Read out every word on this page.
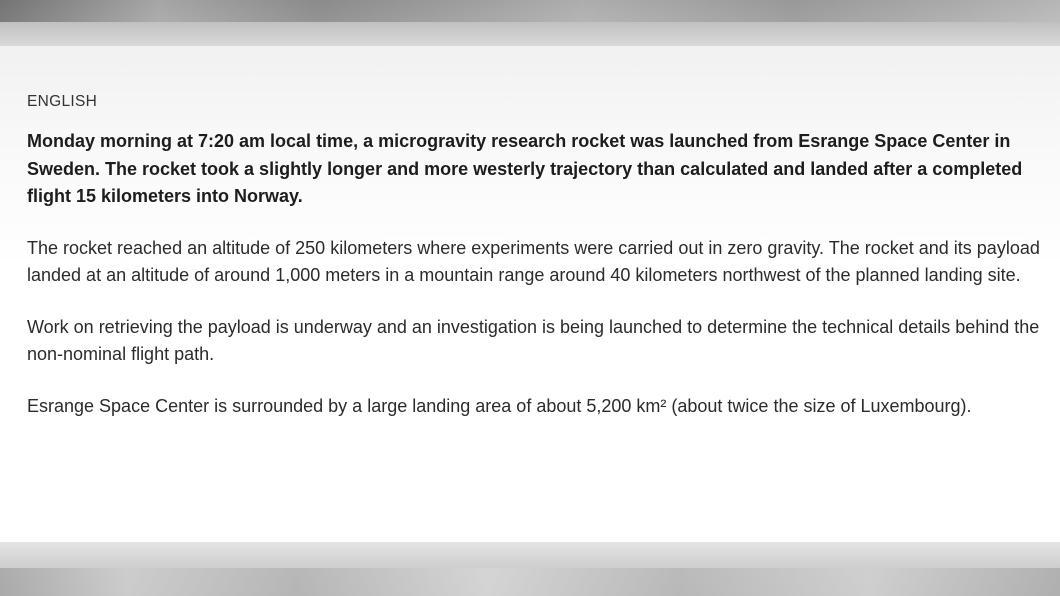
ENGLISH

Monday morning at 7:20 am local time, a microgravity research rocket was launched from Esrange Space Center in Sweden. The rocket took a slightly longer and more westerly trajectory than calculated and landed after a completed flight 15 kilometers into Norway.

The rocket reached an altitude of 250 kilometers where experiments were carried out in zero gravity. The rocket and its payload landed at an altitude of around 1,000 meters in a mountain range around 40 kilometers northwest of the planned landing site.

Work on retrieving the payload is underway and an investigation is being launched to determine the technical details behind the non-nominal flight path.

Esrange Space Center is surrounded by a large landing area of about 5,200 km² (about twice the size of Luxembourg).
